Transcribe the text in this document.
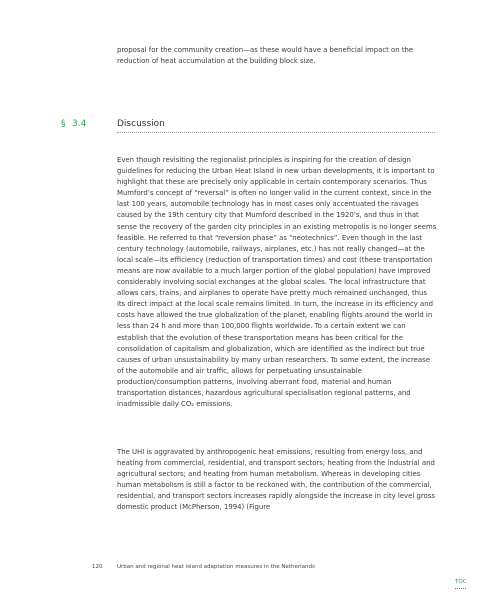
proposal for the community creation—as these would have a beneficial impact on the
reduction of heat accumulation at the building block size.
§ 3.4	Discussion
Even though revisiting the regionalist principles is inspiring for the creation of design guidelines for reducing the Urban Heat Island in new urban developments, it is important to highlight that these are precisely only applicable in certain contemporary scenarios. Thus Mumford’s concept of “reversal” is often no longer valid in the current context, since in the last 100 years, automobile technology has in most cases only accentuated the ravages caused by the 19th century city that Mumford described in the 1920’s, and thus in that sense the recovery of the garden city principles in an existing metropolis is no longer seems feasible. He referred to that “reversion phase” as “neotechnics”. Even though in the last century technology (automobile, railways, airplanes, etc.) has not really changed—at the local scale—its efficiency (reduction of transportation times) and cost (these transportation means are now available to a much larger portion of the global population) have improved considerably involving social exchanges at the global scales. The local infrastructure that allows cars, trains, and airplanes to operate have pretty much remained unchanged, thus its direct impact at the local scale remains limited. In turn, the increase in its efficiency and costs have allowed the true globalization of the planet, enabling flights around the world in less than 24 h and more than 100,000 flights worldwide. To a certain extent we can establish that the evolution of these transportation means has been critical for the consolidation of capitalism and globalization, which are identified as the indirect but true causes of urban unsustainability by many urban researchers. To some extent, the increase of the automobile and air traffic, allows for perpetuating unsustainable production/consumption patterns, involving aberrant food, material and human transportation distances, hazardous agricultural specialisation regional patterns, and inadmissible daily CO₂ emissions.
The UHI is aggravated by anthropogenic heat emissions, resulting from energy loss, and heating from commercial, residential, and transport sectors; heating from the industrial and agricultural sectors; and heating from human metabolism. Whereas in developing cities human metabolism is still a factor to be reckoned with, the contribution of the commercial, residential, and transport sectors increases rapidly alongside the increase in city level gross domestic product (McPherson, 1994) (Figure
120	Urban and regional heat island adaptation measures in the Netherlands
TOC
